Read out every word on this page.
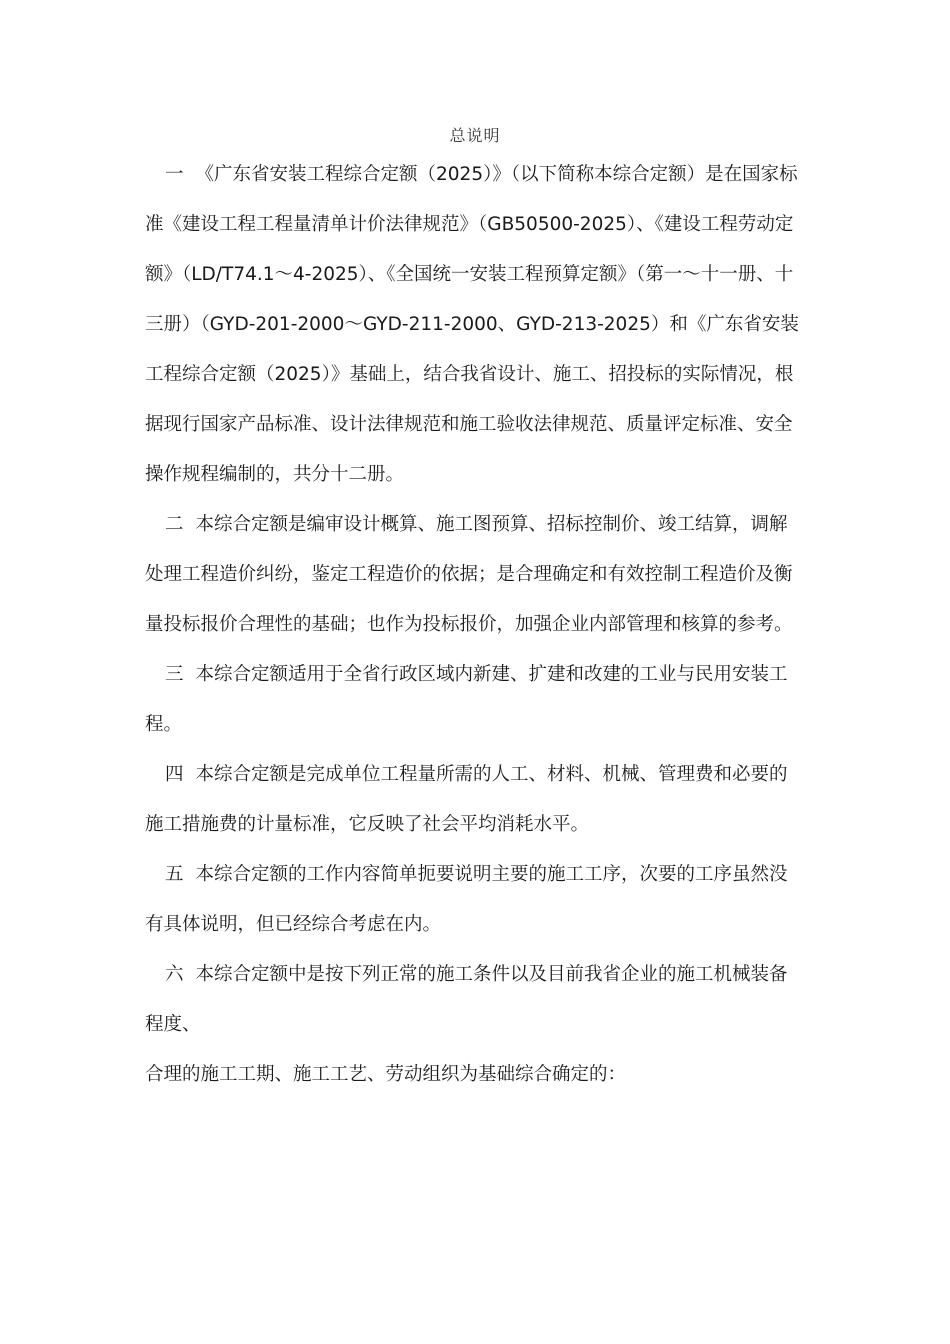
总说明

一 《广东省安装工程综合定额（2025）》（以下简称本综合定额）是在国家标准《建设工程工程量清单计价法律规范》（GB50500-2025）、《建设工程劳动定额》（LD/T74.1～4-2025）、《全国统一安装工程预算定额》（第一～十一册、十三册）（GYD-201-2000～GYD-211-2000、GYD-213-2025）和《广东省安装工程综合定额（2025）》基础上，结合我省设计、施工、招投标的实际情况，根据现行国家产品标准、设计法律规范和施工验收法律规范、质量评定标准、安全操作规程编制的，共分十二册。

二 本综合定额是编审设计概算、施工图预算、招标控制价、竣工结算，调解处理工程造价纠纷，鉴定工程造价的依据；是合理确定和有效控制工程造价及衡量投标报价合理性的基础；也作为投标报价，加强企业内部管理和核算的参考。

三 本综合定额适用于全省行政区域内新建、扩建和改建的工业与民用安装工程。

四 本综合定额是完成单位工程量所需的人工、材料、机械、管理费和必要的施工措施费的计量标准，它反映了社会平均消耗水平。

五 本综合定额的工作内容简单扼要说明主要的施工工序，次要的工序虽然没有具体说明，但已经综合考虑在内。

六 本综合定额中是按下列正常的施工条件以及目前我省企业的施工机械装备程度、

合理的施工工期、施工工艺、劳动组织为基础综合确定的：
